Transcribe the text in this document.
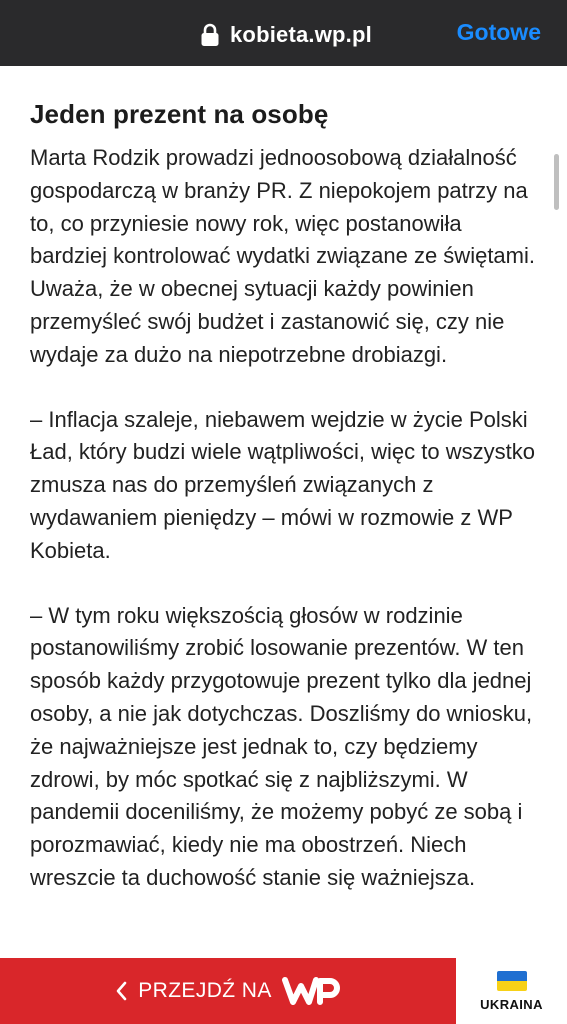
kobieta.wp.pl	Gotowe
Jeden prezent na osobę

Marta Rodzik prowadzi jednoosobową działalność gospodarczą w branży PR. Z niepokojem patrzy na to, co przyniesie nowy rok, więc postanowiła bardziej kontrolować wydatki związane ze świętami. Uważa, że w obecnej sytuacji każdy powinien przemyśleć swój budżet i zastanowić się, czy nie wydaje za dużo na niepotrzebne drobiazgi.

– Inflacja szaleje, niebawem wejdzie w życie Polski Ład, który budzi wiele wątpliwości, więc to wszystko zmusza nas do przemyśleń związanych z wydawaniem pieniędzy – mówi w rozmowie z WP Kobieta.

– W tym roku większością głosów w rodzinie postanowiliśmy zrobić losowanie prezentów. W ten sposób każdy przygotowuje prezent tylko dla jednej osoby, a nie jak dotychczas. Doszliśmy do wniosku, że najważniejsze jest jednak to, czy będziemy zdrowi, by móc spotkać się z najbliższymi. W pandemii doceniliśmy, że możemy pobyć ze sobą i porozmawiać, kiedy nie ma obostrzeń. Niech wreszcie ta duchowość stanie się ważniejsza.

PRZEJDŹ NA
UKRAINA
